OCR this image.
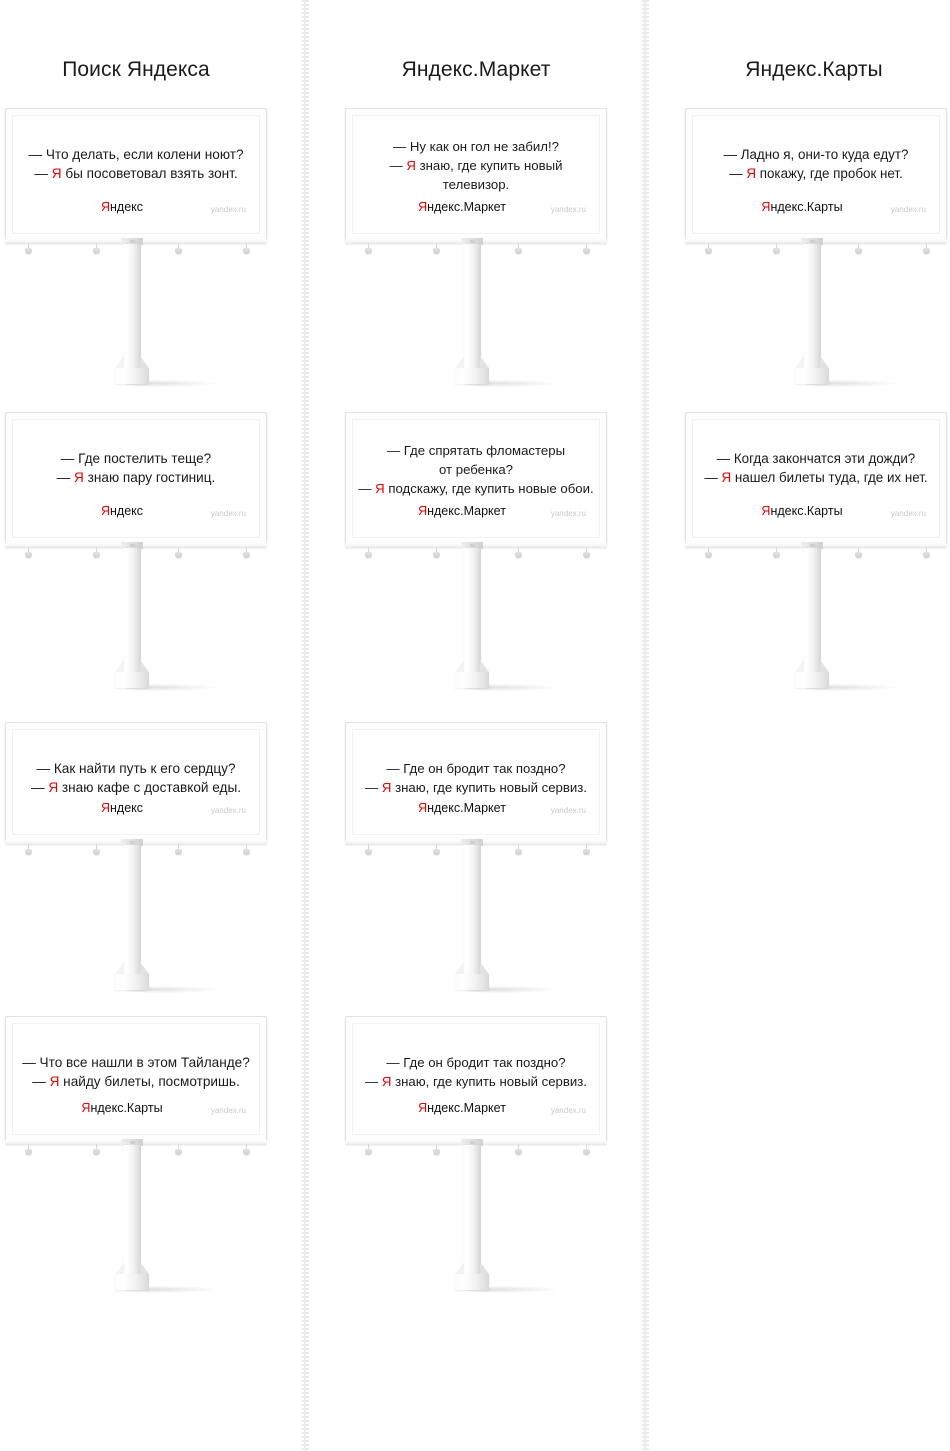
Поиск Яндекса
— Что делать, если колени ноют?
— Я бы посоветовал взять зонт.
Яндекс	yandex.ru
— Где постелить теще?
— Я знаю пару гостиниц.
Яндекс	yandex.ru
— Как найти путь к его сердцу?
— Я знаю кафе с доставкой еды.
Яндекс	yandex.ru
— Что все нашли в этом Тайланде?
— Я найду билеты, посмотришь.
Яндекс.Карты	yandex.ru
Яндекс.Маркет
— Ну как он гол не забил!?
— Я знаю, где купить новый
телевизор.
Яндекс.Маркет	yandex.ru
— Где спрятать фломастеры
от ребенка?
— Я подскажу, где купить новые обои.
Яндекс.Маркет	yandex.ru
— Где он бродит так поздно?
— Я знаю, где купить новый сервиз.
Яндекс.Маркет	yandex.ru
— Где он бродит так поздно?
— Я знаю, где купить новый сервиз.
Яндекс.Маркет	yandex.ru
Яндекс.Карты
— Ладно я, они-то куда едут?
— Я покажу, где пробок нет.
Яндекс.Карты	yandex.ru
— Когда закончатся эти дожди?
— Я нашел билеты туда, где их нет.
Яндекс.Карты	yandex.ru
